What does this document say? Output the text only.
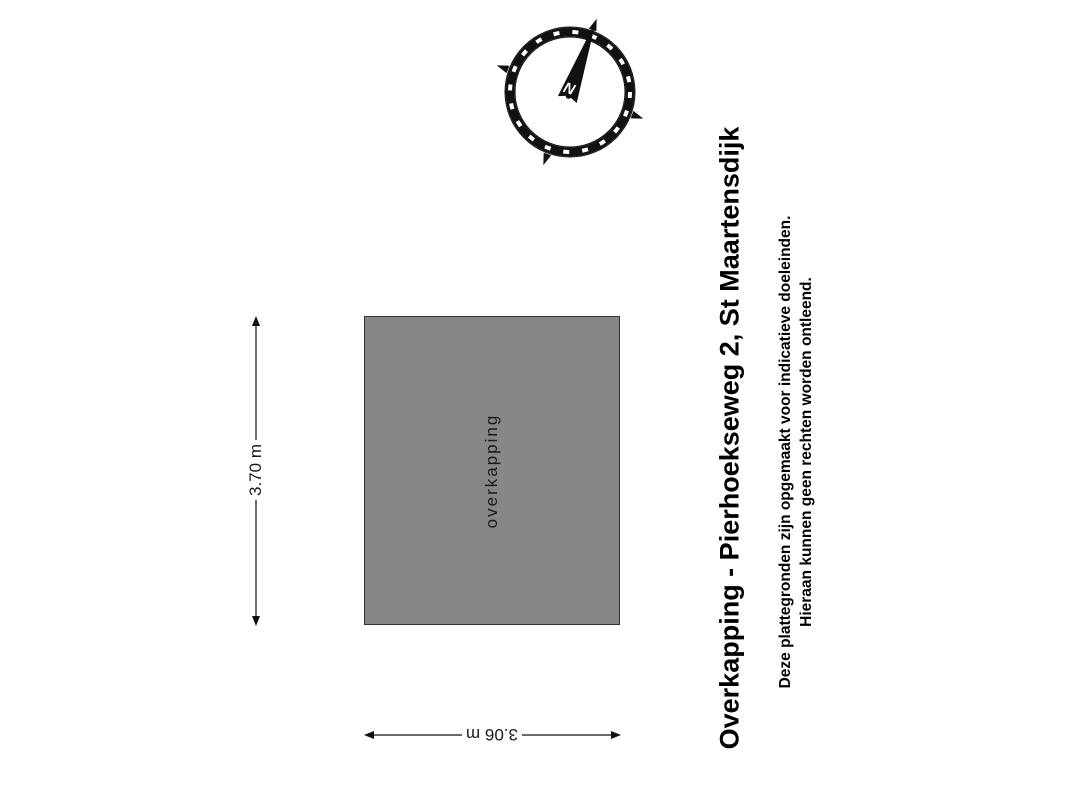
N
3.70 m
3.06 m
overkapping	Overkapping - Pierhoekseweg 2, St Maartensdijk Deze plattegronden zijn opgemaakt voor indicatieve doeleinden. Hieraan kunnen geen rechten worden ontleend.
